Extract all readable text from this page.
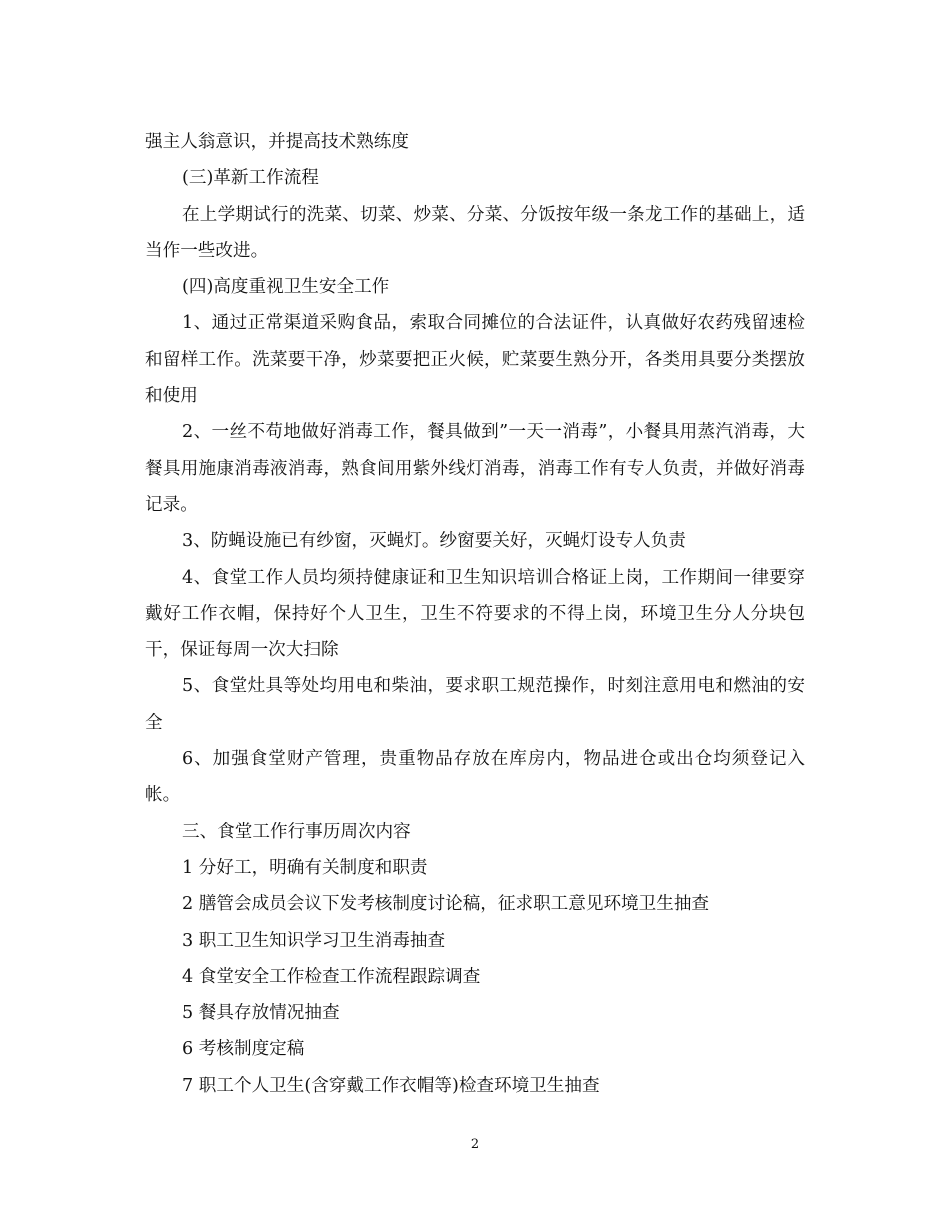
强主人翁意识，并提高技术熟练度

(三)革新工作流程

在上学期试行的洗菜、切菜、炒菜、分菜、分饭按年级一条龙工作的基础上，适当作一些改进。

(四)高度重视卫生安全工作

1、通过正常渠道采购食品，索取合同摊位的合法证件，认真做好农药残留速检和留样工作。洗菜要干净，炒菜要把正火候，贮菜要生熟分开，各类用具要分类摆放和使用

2、一丝不苟地做好消毒工作，餐具做到”一天一消毒”，小餐具用蒸汽消毒，大餐具用施康消毒液消毒，熟食间用紫外线灯消毒，消毒工作有专人负责，并做好消毒记录。

3、防蝇设施已有纱窗，灭蝇灯。纱窗要关好，灭蝇灯设专人负责

4、食堂工作人员均须持健康证和卫生知识培训合格证上岗，工作期间一律要穿戴好工作衣帽，保持好个人卫生，卫生不符要求的不得上岗，环境卫生分人分块包干，保证每周一次大扫除

5、食堂灶具等处均用电和柴油，要求职工规范操作，时刻注意用电和燃油的安全

6、加强食堂财产管理，贵重物品存放在库房内，物品进仓或出仓均须登记入帐。

三、食堂工作行事历周次内容

1 分好工，明确有关制度和职责

2 膳管会成员会议下发考核制度讨论稿，征求职工意见环境卫生抽查

3 职工卫生知识学习卫生消毒抽查

4 食堂安全工作检查工作流程跟踪调查

5 餐具存放情况抽查

6 考核制度定稿

7 职工个人卫生(含穿戴工作衣帽等)检查环境卫生抽查

2
